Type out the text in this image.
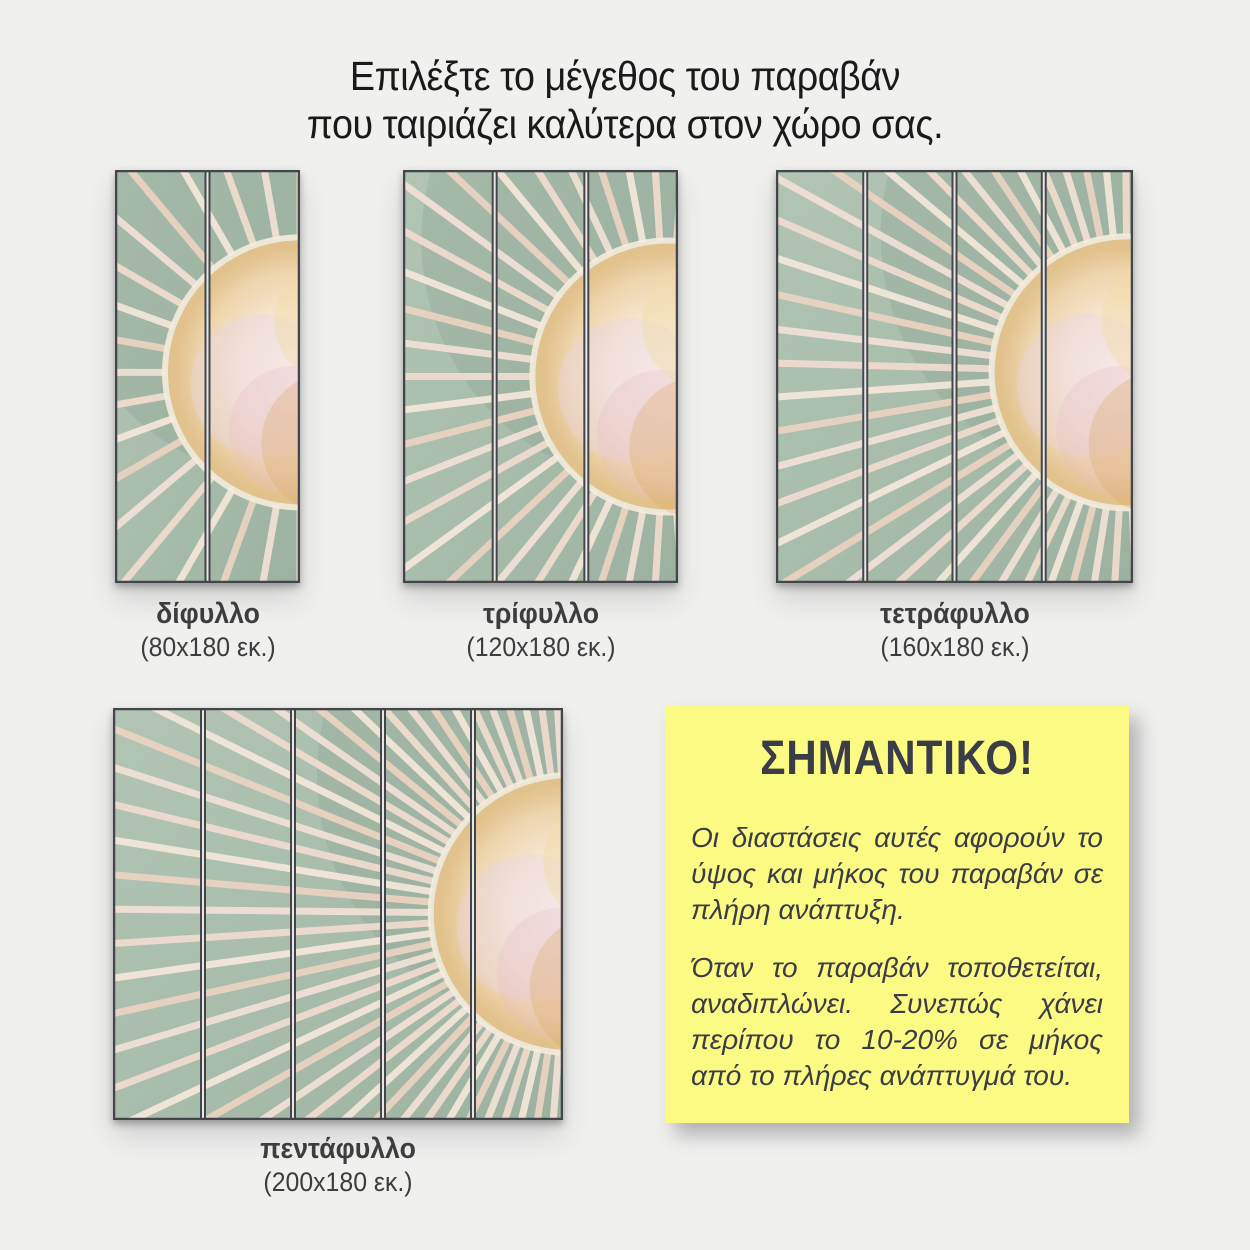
Επιλέξτε το μέγεθος του παραβάν
που ταιριάζει καλύτερα στον χώρο σας.
δίφυλλο
(80x180 εκ.)
τρίφυλλο
(120x180 εκ.)
τετράφυλλο
(160x180 εκ.)
πεντάφυλλο
(200x180 εκ.)
ΣΗΜΑΝΤΙΚΟ!

Οι διαστάσεις αυτές αφορούν το ύψος και μήκος του παραβάν σε πλήρη ανάπτυξη.

Όταν το παραβάν τοποθετείται, αναδιπλώνει. Συνεπώς χάνει περίπου το 10-20% σε μήκος από το πλήρες ανάπτυγμά του.
